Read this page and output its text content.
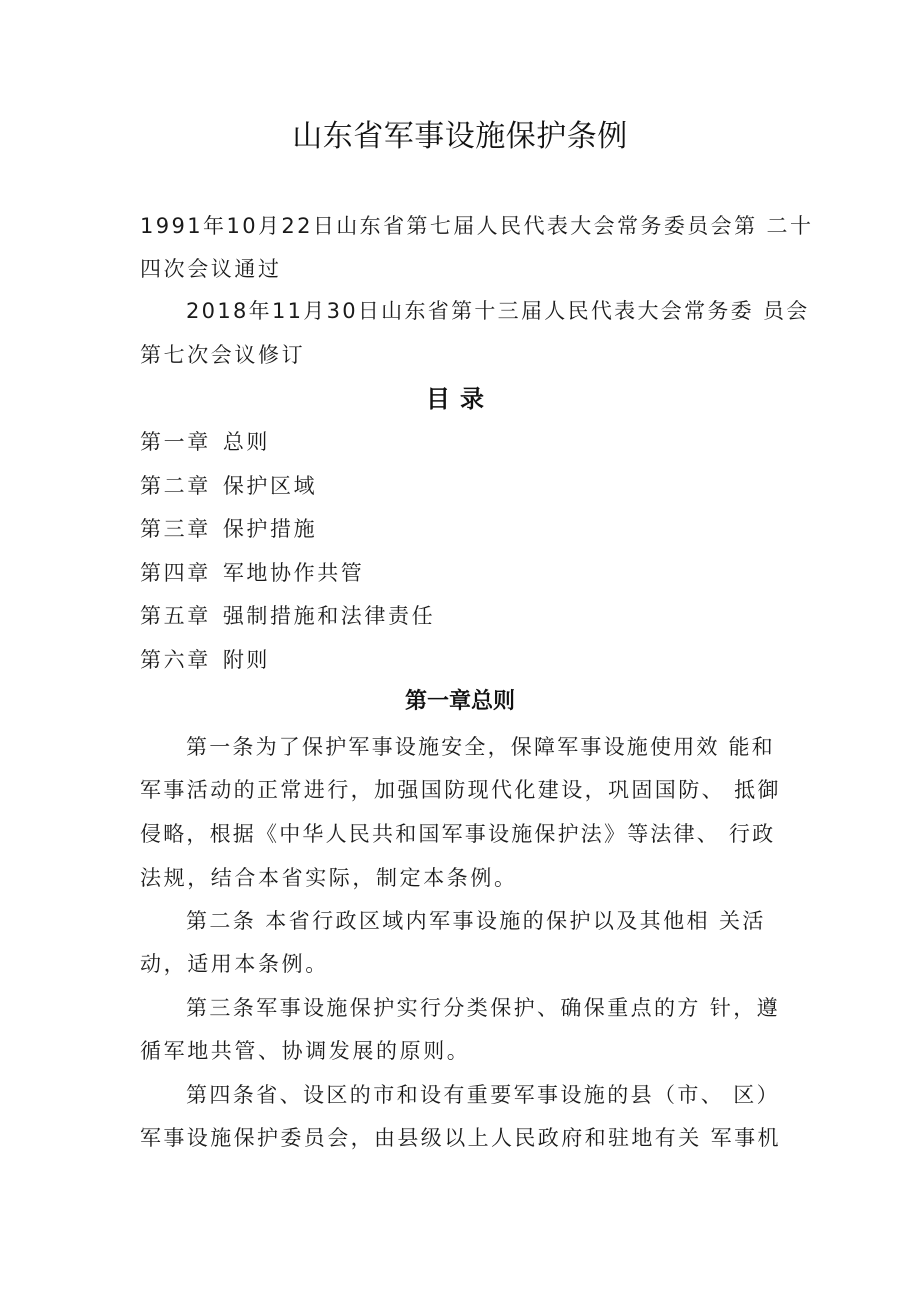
山东省军事设施保护条例
1991年10月22日山东省第七届人民代表大会常务委员会第 二十
四次会议通过
2018年11月30日山东省第十三届人民代表大会常务委 员会
第七次会议修订
目录
第一章 总则
第二章 保护区域
第三章 保护措施
第四章 军地协作共管
第五章 强制措施和法律责任
第六章 附则
第一章总则
第一条为了保护军事设施安全，保障军事设施使用效 能和
军事活动的正常进行，加强国防现代化建设，巩固国防、 抵御
侵略，根据《中华人民共和国军事设施保护法》等法律、 行政
法规，结合本省实际，制定本条例。
第二条 本省行政区域内军事设施的保护以及其他相 关活
动，适用本条例。
第三条军事设施保护实行分类保护、确保重点的方 针，遵
循军地共管、协调发展的原则。
第四条省、设区的市和设有重要军事设施的县（市、 区）
军事设施保护委员会，由县级以上人民政府和驻地有关 军事机
